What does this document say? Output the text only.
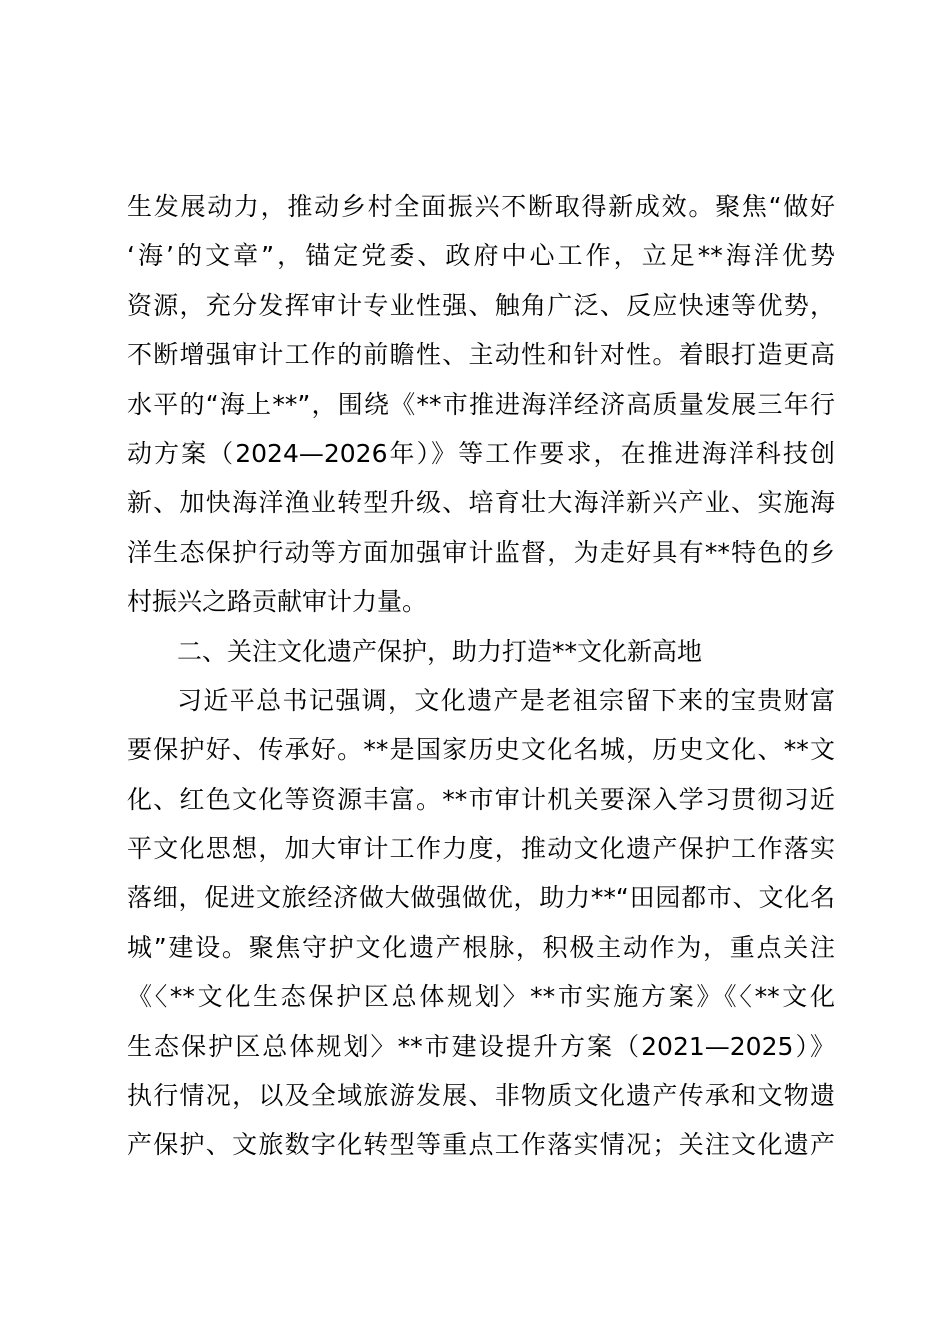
生发展动力，推动乡村全面振兴不断取得新成效。聚焦“做好
‘海’的文章”，锚定党委、政府中心工作，立足**海洋优势
资源，充分发挥审计专业性强、触角广泛、反应快速等优势，
不断增强审计工作的前瞻性、主动性和针对性。着眼打造更高
水平的“海上**”，围绕《**市推进海洋经济高质量发展三年行
动方案（2024—2026年）》等工作要求，在推进海洋科技创
新、加快海洋渔业转型升级、培育壮大海洋新兴产业、实施海
洋生态保护行动等方面加强审计监督，为走好具有**特色的乡
村振兴之路贡献审计力量。
二、关注文化遗产保护，助力打造**文化新高地
习近平总书记强调，文化遗产是老祖宗留下来的宝贵财富
要保护好、传承好。**是国家历史文化名城，历史文化、**文
化、红色文化等资源丰富。**市审计机关要深入学习贯彻习近
平文化思想，加大审计工作力度，推动文化遗产保护工作落实
落细，促进文旅经济做大做强做优，助力**“田园都市、文化名
城”建设。聚焦守护文化遗产根脉，积极主动作为，重点关注
《〈**文化生态保护区总体规划〉**市实施方案》《〈**文化
生态保护区总体规划〉**市建设提升方案（2021—2025）》
执行情况，以及全域旅游发展、非物质文化遗产传承和文物遗
产保护、文旅数字化转型等重点工作落实情况；关注文化遗产
